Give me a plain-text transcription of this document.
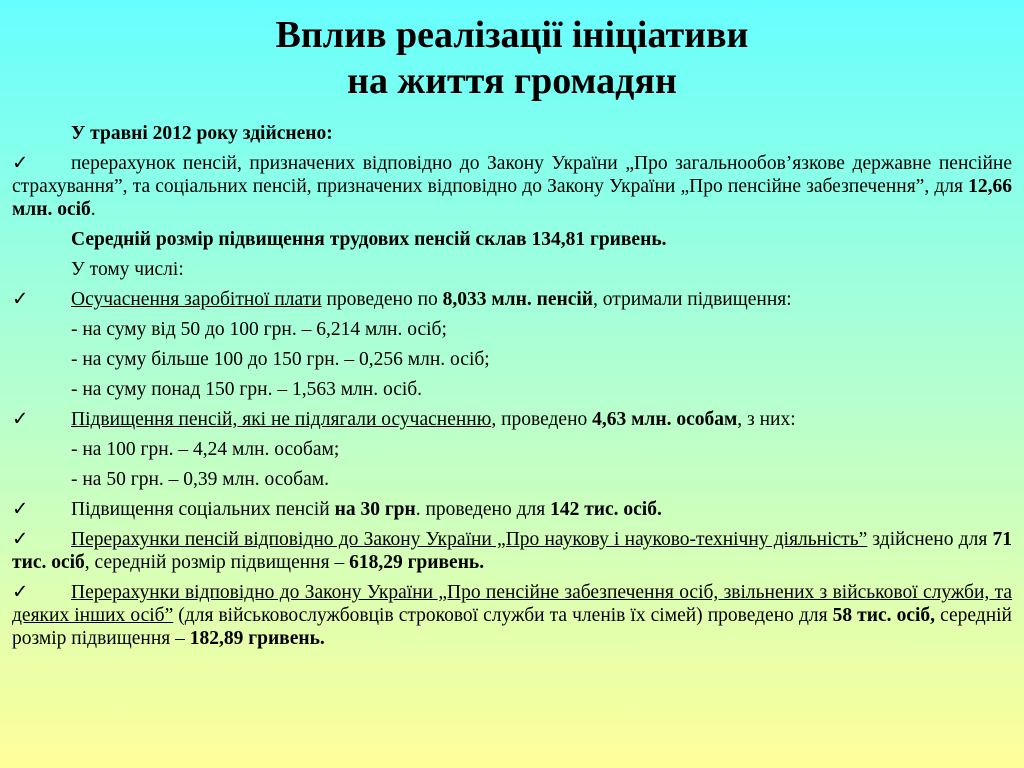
Вплив реалізації ініціативи
на життя громадян

У травні 2012 року здійснено:

✓ перерахунок пенсій, призначених відповідно до Закону України „Про загальнообов’язкове державне пенсійне страхування”, та соціальних пенсій, призначених відповідно до Закону України „Про пенсійне забезпечення”, для 12,66 млн. осіб.

Середній розмір підвищення трудових пенсій склав 134,81 гривень.

У тому числі:

✓ Осучаснення заробітної плати проведено по 8,033 млн. пенсій, отримали підвищення:

- на суму від 50 до 100 грн. – 6,214 млн. осіб;

- на суму більше 100 до 150 грн. – 0,256 млн. осіб;

- на суму понад 150 грн. – 1,563 млн. осіб.

✓ Підвищення пенсій, які не підлягали осучасненню, проведено 4,63 млн. особам, з них:

- на 100 грн. – 4,24 млн. особам;

- на 50 грн. – 0,39 млн. особам.

✓ Підвищення соціальних пенсій на 30 грн. проведено для 142 тис. осіб.

✓ Перерахунки пенсій відповідно до Закону України „Про наукову і науково-технічну діяльність” здійснено для 71 тис. осіб, середній розмір підвищення – 618,29 гривень.

✓ Перерахунки відповідно до Закону України „Про пенсійне забезпечення осіб, звільнених з військової служби, та деяких інших осіб” (для військовослужбовців строкової служби та членів їх сімей) проведено для 58 тис. осіб, середній розмір підвищення – 182,89 гривень.
